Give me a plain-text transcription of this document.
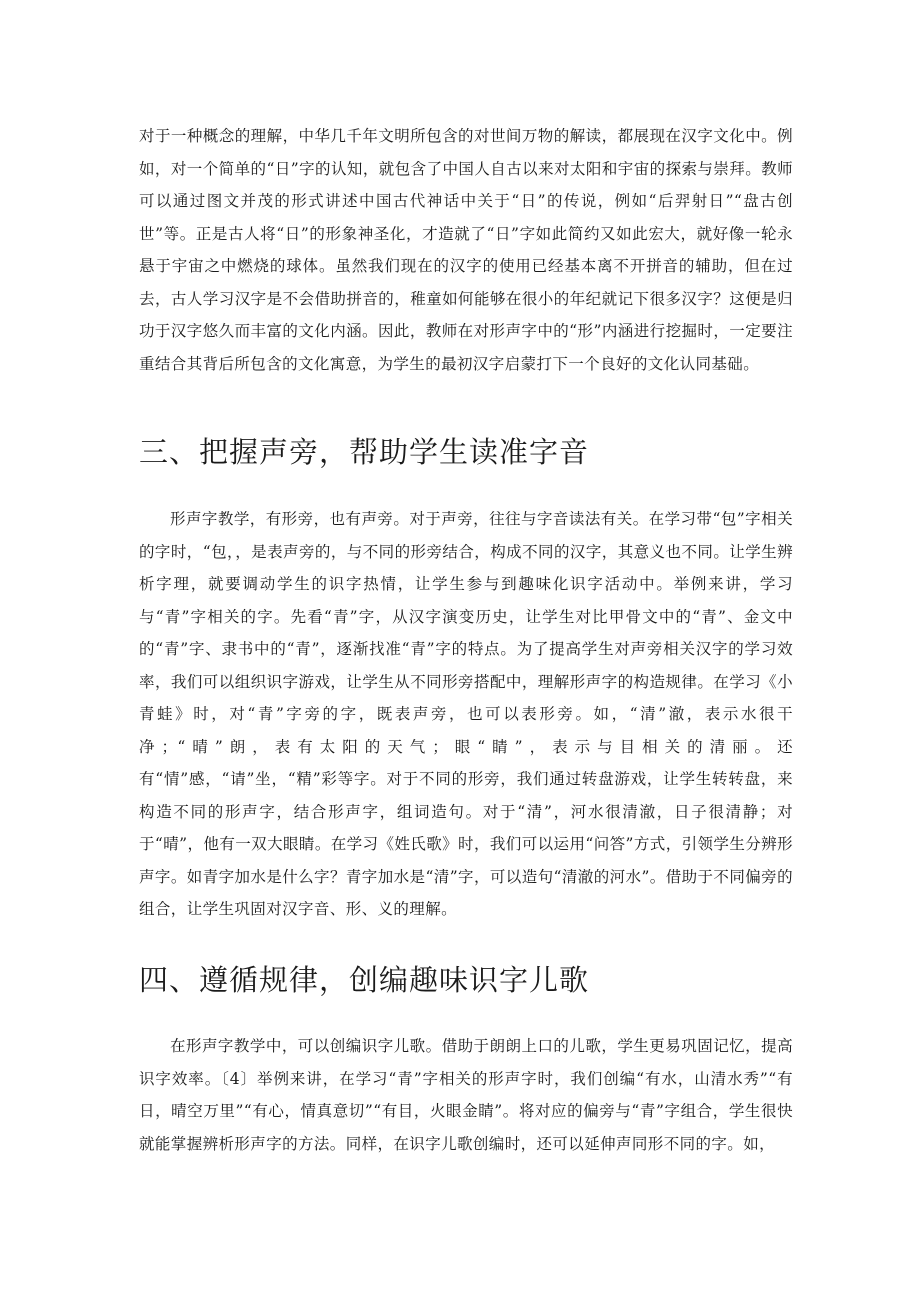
对于一种概念的理解，中华几千年文明所包含的对世间万物的解读，都展现在汉字文化中。例如，对一个简单的“日”字的认知，就包含了中国人自古以来对太阳和宇宙的探索与崇拜。教师可以通过图文并茂的形式讲述中国古代神话中关于“日”的传说，例如“后羿射日”“盘古创世”等。正是古人将“日”的形象神圣化，才造就了“日”字如此简约又如此宏大，就好像一轮永悬于宇宙之中燃烧的球体。虽然我们现在的汉字的使用已经基本离不开拼音的辅助，但在过去，古人学习汉字是不会借助拼音的，稚童如何能够在很小的年纪就记下很多汉字？这便是归功于汉字悠久而丰富的文化内涵。因此，教师在对形声字中的“形”内涵进行挖掘时，一定要注重结合其背后所包含的文化寓意，为学生的最初汉字启蒙打下一个良好的文化认同基础。

三、把握声旁，帮助学生读准字音

形声字教学，有形旁，也有声旁。对于声旁，往往与字音读法有关。在学习带“包”字相关的字时，“包，，是表声旁的，与不同的形旁结合，构成不同的汉字，其意义也不同。让学生辨析字理，就要调动学生的识字热情，让学生参与到趣味化识字活动中。举例来讲，学习与“青”字相关的字。先看“青”字，从汉字演变历史，让学生对比甲骨文中的“青”、金文中的“青”字、隶书中的“青”，逐渐找准“青”字的特点。为了提高学生对声旁相关汉字的学习效率，我们可以组织识字游戏，让学生从不同形旁搭配中，理解形声字的构造规律。在学习《小青蛙》时，对“青”字旁的字，既表声旁，也可以表形旁。如，“清”澈，表示水很干净；“晴”朗，表有太阳的天气；眼“睛”，表示与目相关的清丽。还有“情”感，“请”坐，“精”彩等字。对于不同的形旁，我们通过转盘游戏，让学生转转盘，来构造不同的形声字，结合形声字，组词造句。对于“清”，河水很清澈，日子很清静；对于“晴”，他有一双大眼睛。在学习《姓氏歌》时，我们可以运用“问答”方式，引领学生分辨形声字。如青字加水是什么字？青字加水是“清”字，可以造句“清澈的河水”。借助于不同偏旁的组合，让学生巩固对汉字音、形、义的理解。

四、遵循规律，创编趣味识字儿歌

在形声字教学中，可以创编识字儿歌。借助于朗朗上口的儿歌，学生更易巩固记忆，提高识字效率。〔4〕举例来讲，在学习“青”字相关的形声字时，我们创编“有水，山清水秀”“有日，晴空万里”“有心，情真意切”“有目，火眼金睛”。将对应的偏旁与“青”字组合，学生很快就能掌握辨析形声字的方法。同样，在识字儿歌创编时，还可以延伸声同形不同的字。如，
